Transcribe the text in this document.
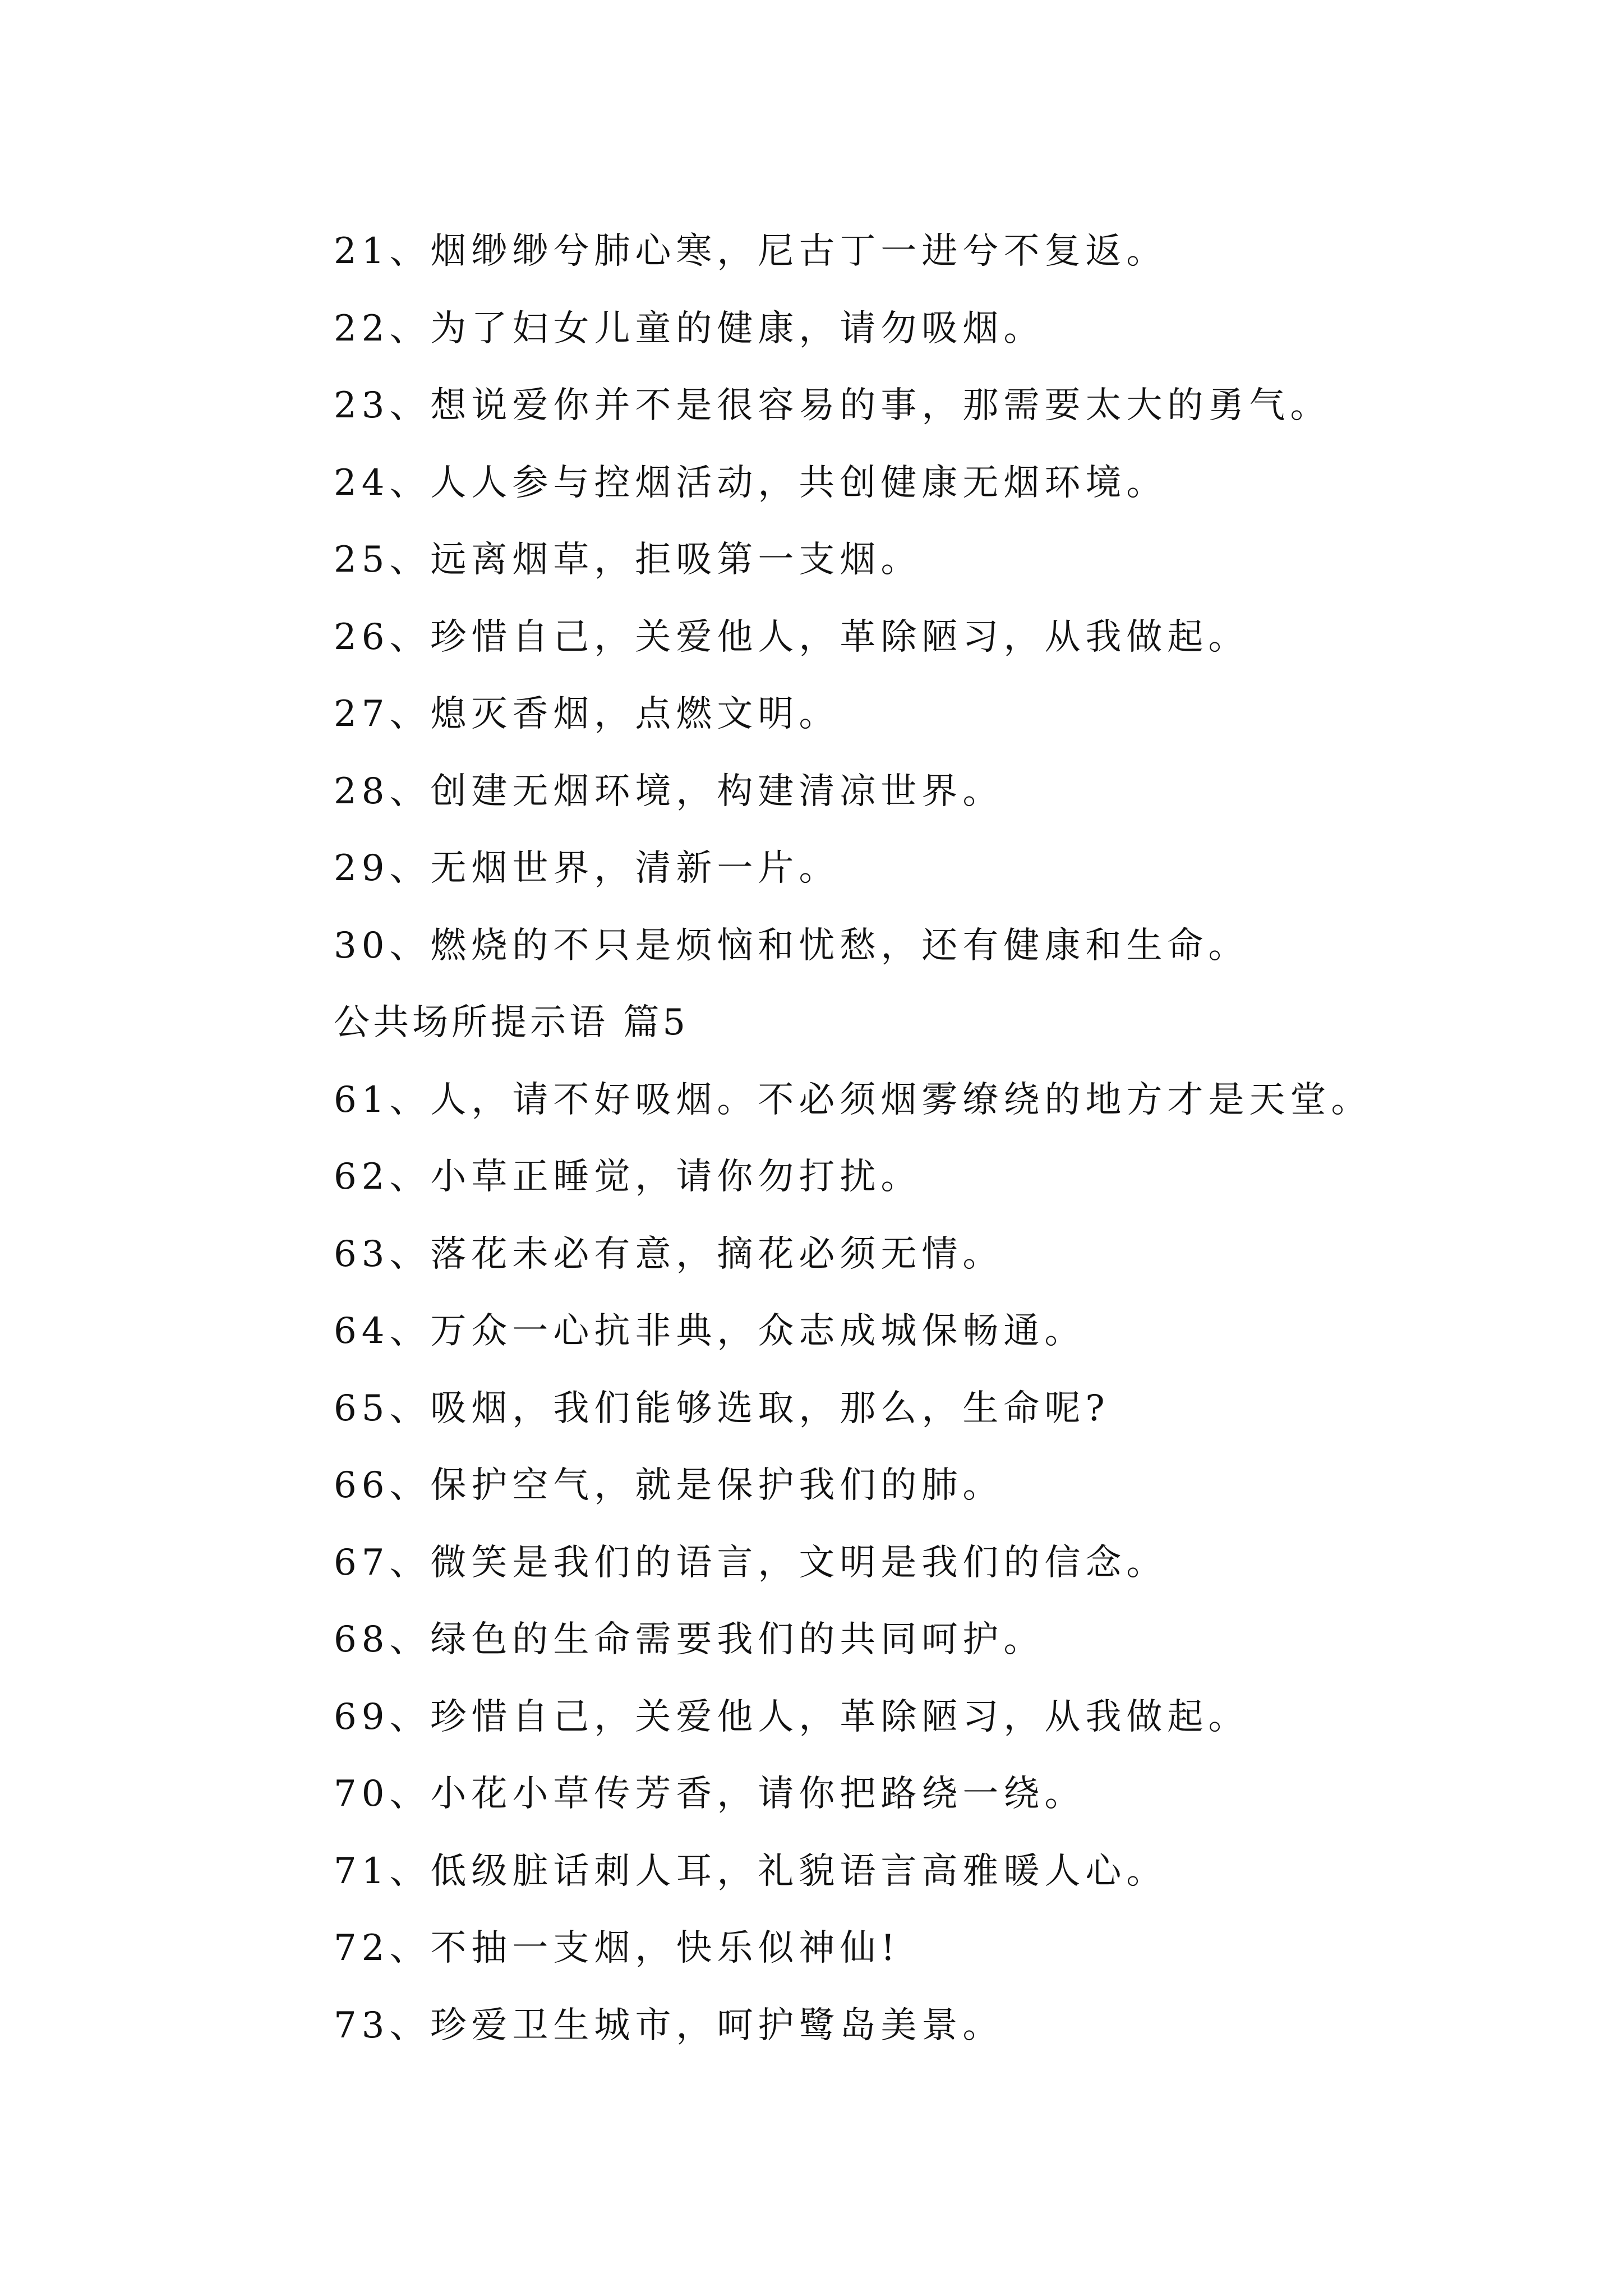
21、烟缈缈兮肺心寒，尼古丁一进兮不复返。
22、为了妇女儿童的健康，请勿吸烟。
23、想说爱你并不是很容易的事，那需要太大的勇气。
24、人人参与控烟活动，共创健康无烟环境。
25、远离烟草，拒吸第一支烟。
26、珍惜自己，关爱他人，革除陋习，从我做起。
27、熄灭香烟，点燃文明。
28、创建无烟环境，构建清凉世界。
29、无烟世界，清新一片。
30、燃烧的不只是烦恼和忧愁，还有健康和生命。
公共场所提示语 篇5
61、人，请不好吸烟。不必须烟雾缭绕的地方才是天堂。
62、小草正睡觉，请你勿打扰。
63、落花未必有意，摘花必须无情。
64、万众一心抗非典，众志成城保畅通。
65、吸烟，我们能够选取，那么，生命呢?
66、保护空气，就是保护我们的肺。
67、微笑是我们的语言，文明是我们的信念。
68、绿色的生命需要我们的共同呵护。
69、珍惜自己，关爱他人，革除陋习，从我做起。
70、小花小草传芳香，请你把路绕一绕。
71、低级脏话刺人耳，礼貌语言高雅暖人心。
72、不抽一支烟，快乐似神仙!
73、珍爱卫生城市，呵护鹭岛美景。
